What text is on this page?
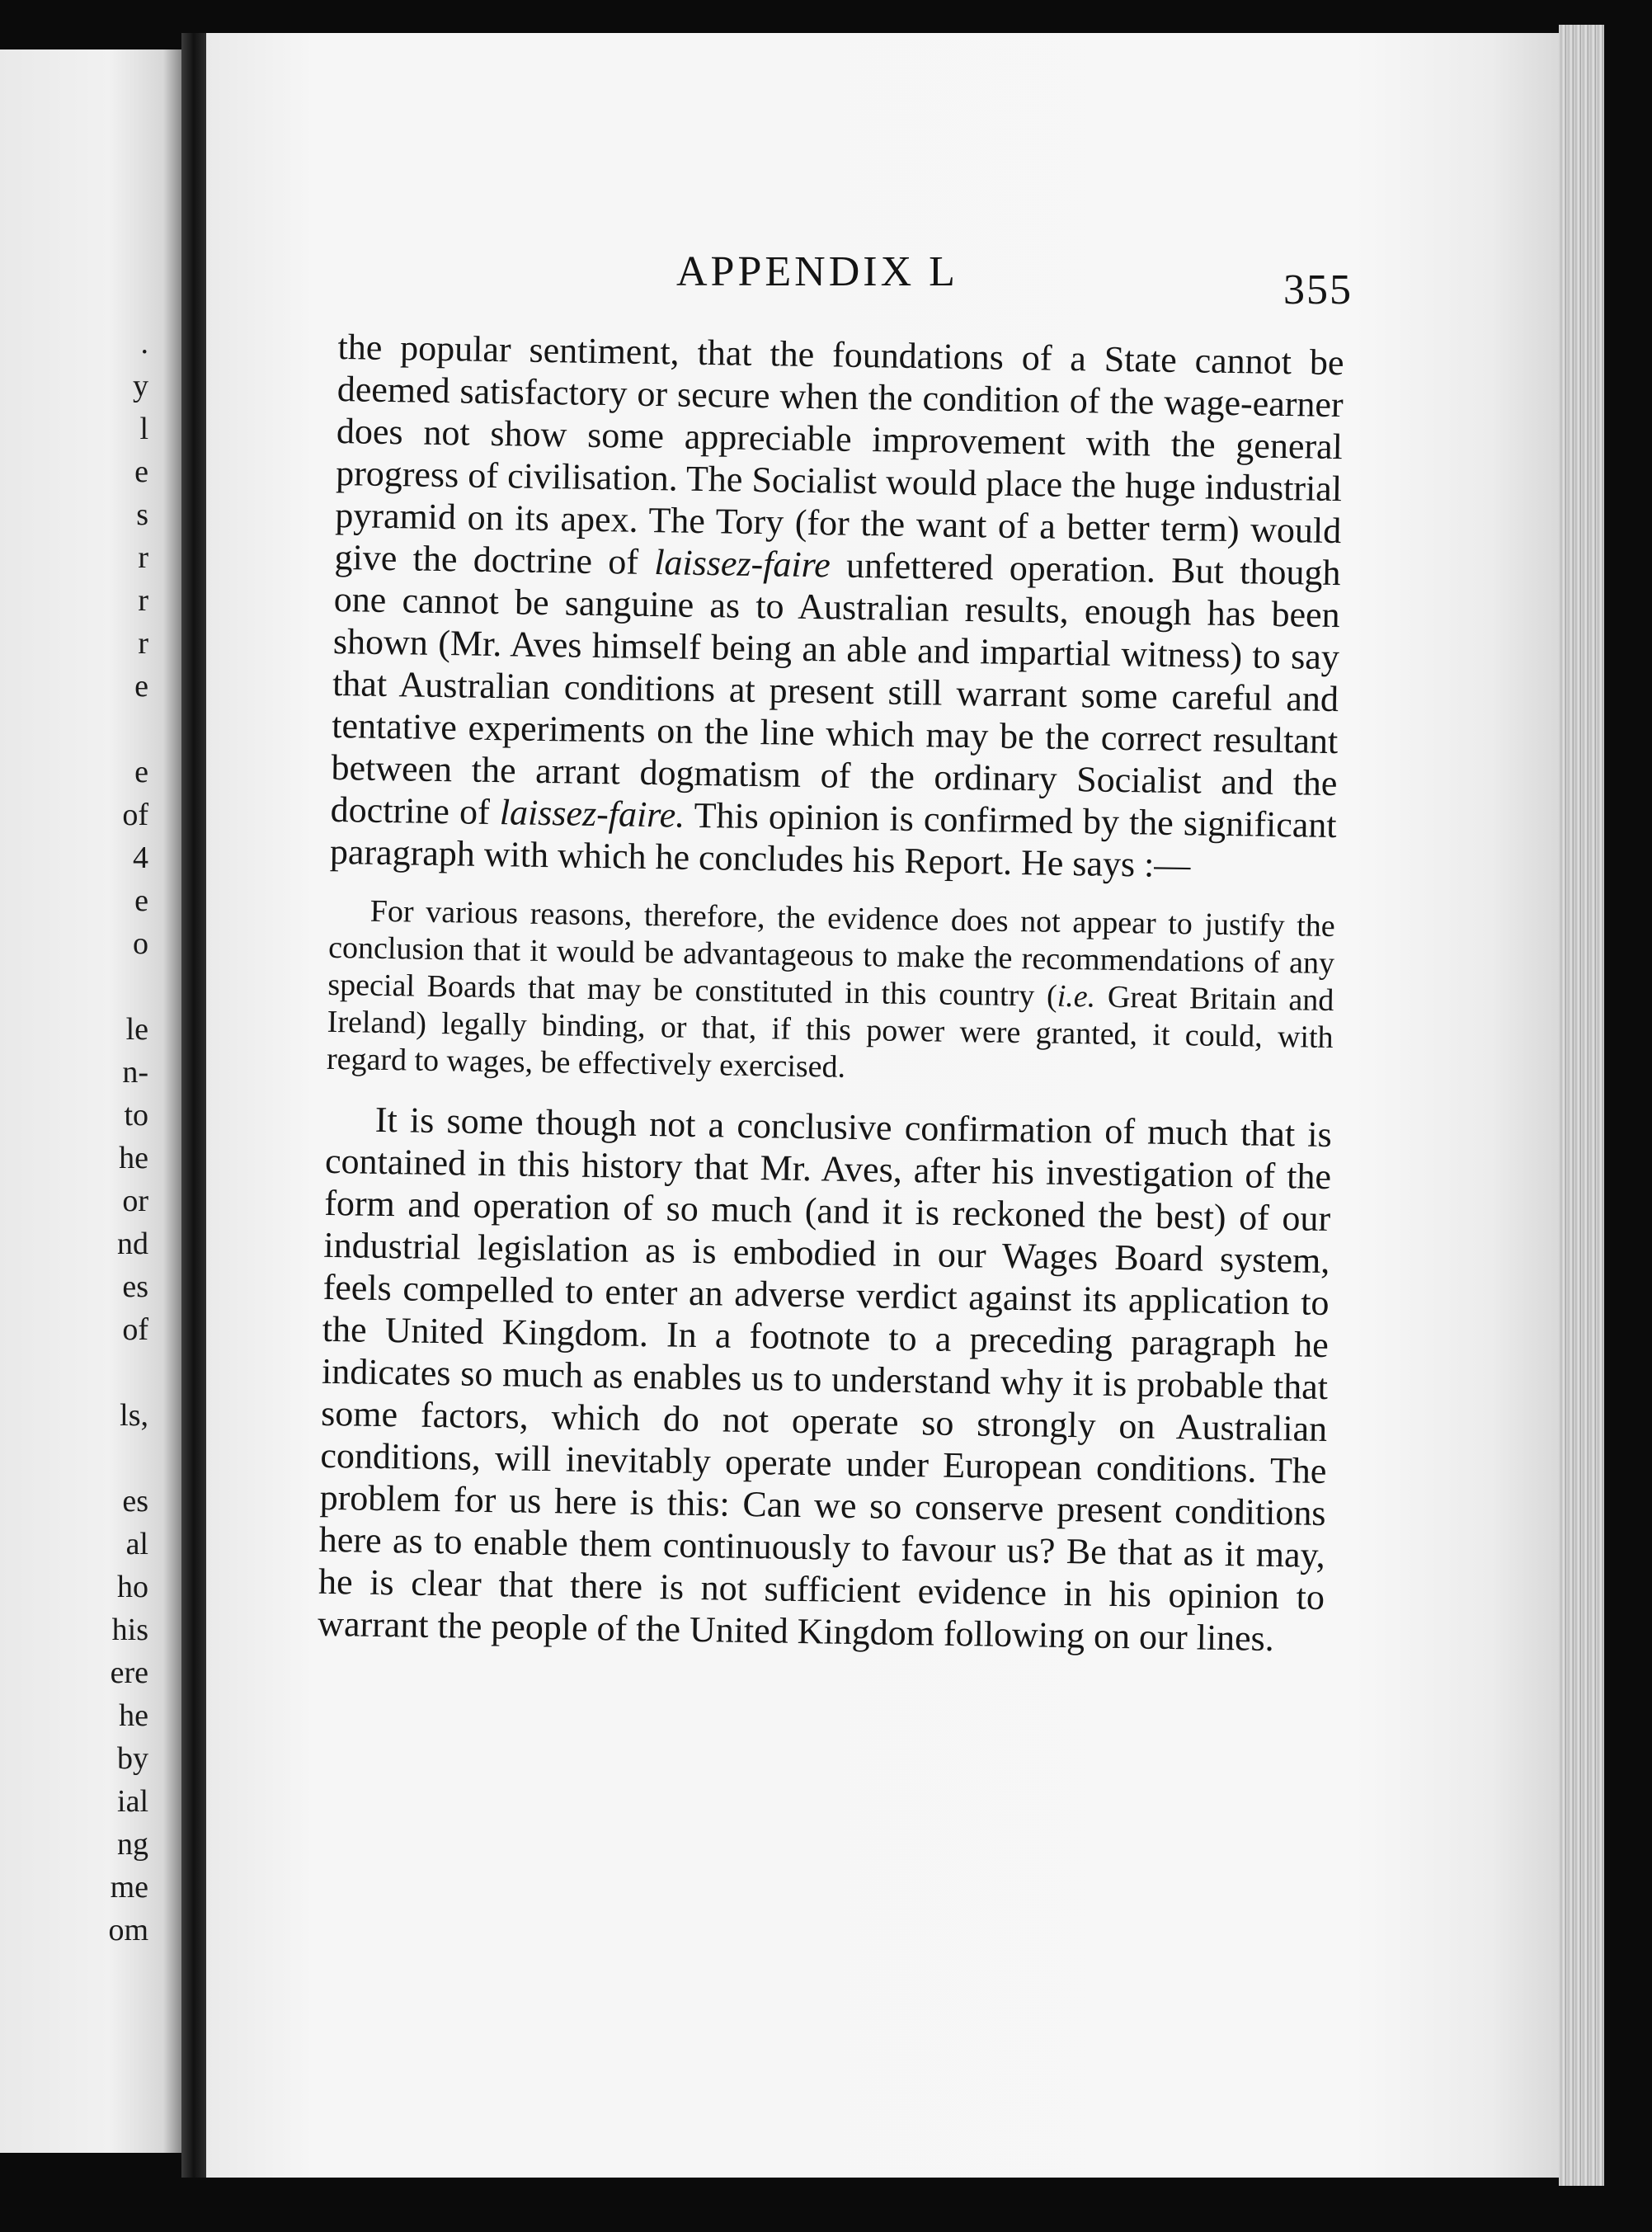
.
y
l
e
s
r
r
r
e
e
of
4
e
o
le
n-
to
he
or
nd
es
of
ls,
es
al
ho
his
ere
he
by
ial
ng
me
om
APPENDIX L	355

the popular sentiment, that the foundations of a State cannot be deemed satisfactory or secure when the condition of the wage-earner does not show some appreciable improvement with the general progress of civilisation. The Socialist would place the huge industrial pyramid on its apex. The Tory (for the want of a better term) would give the doctrine of laissez-faire unfettered operation. But though one cannot be sanguine as to Australian results, enough has been shown (Mr. Aves himself being an able and impartial witness) to say that Australian conditions at present still warrant some careful and tentative experiments on the line which may be the correct resultant between the arrant dogmatism of the ordinary Socialist and the doctrine of laissez-faire. This opinion is confirmed by the significant paragraph with which he concludes his Report. He says :—

For various reasons, therefore, the evidence does not appear to justify the conclusion that it would be advantageous to make the recommendations of any special Boards that may be constituted in this country (i.e. Great Britain and Ireland) legally binding, or that, if this power were granted, it could, with regard to wages, be effectively exercised.

It is some though not a conclusive confirmation of much that is contained in this history that Mr. Aves, after his investigation of the form and operation of so much (and it is reckoned the best) of our industrial legislation as is embodied in our Wages Board system, feels compelled to enter an adverse verdict against its application to the United Kingdom. In a footnote to a preceding paragraph he indicates so much as enables us to understand why it is probable that some factors, which do not operate so strongly on Australian conditions, will inevitably operate under European conditions. The problem for us here is this: Can we so conserve present conditions here as to enable them continuously to favour us? Be that as it may, he is clear that there is not sufficient evidence in his opinion to warrant the people of the United Kingdom following on our lines.
